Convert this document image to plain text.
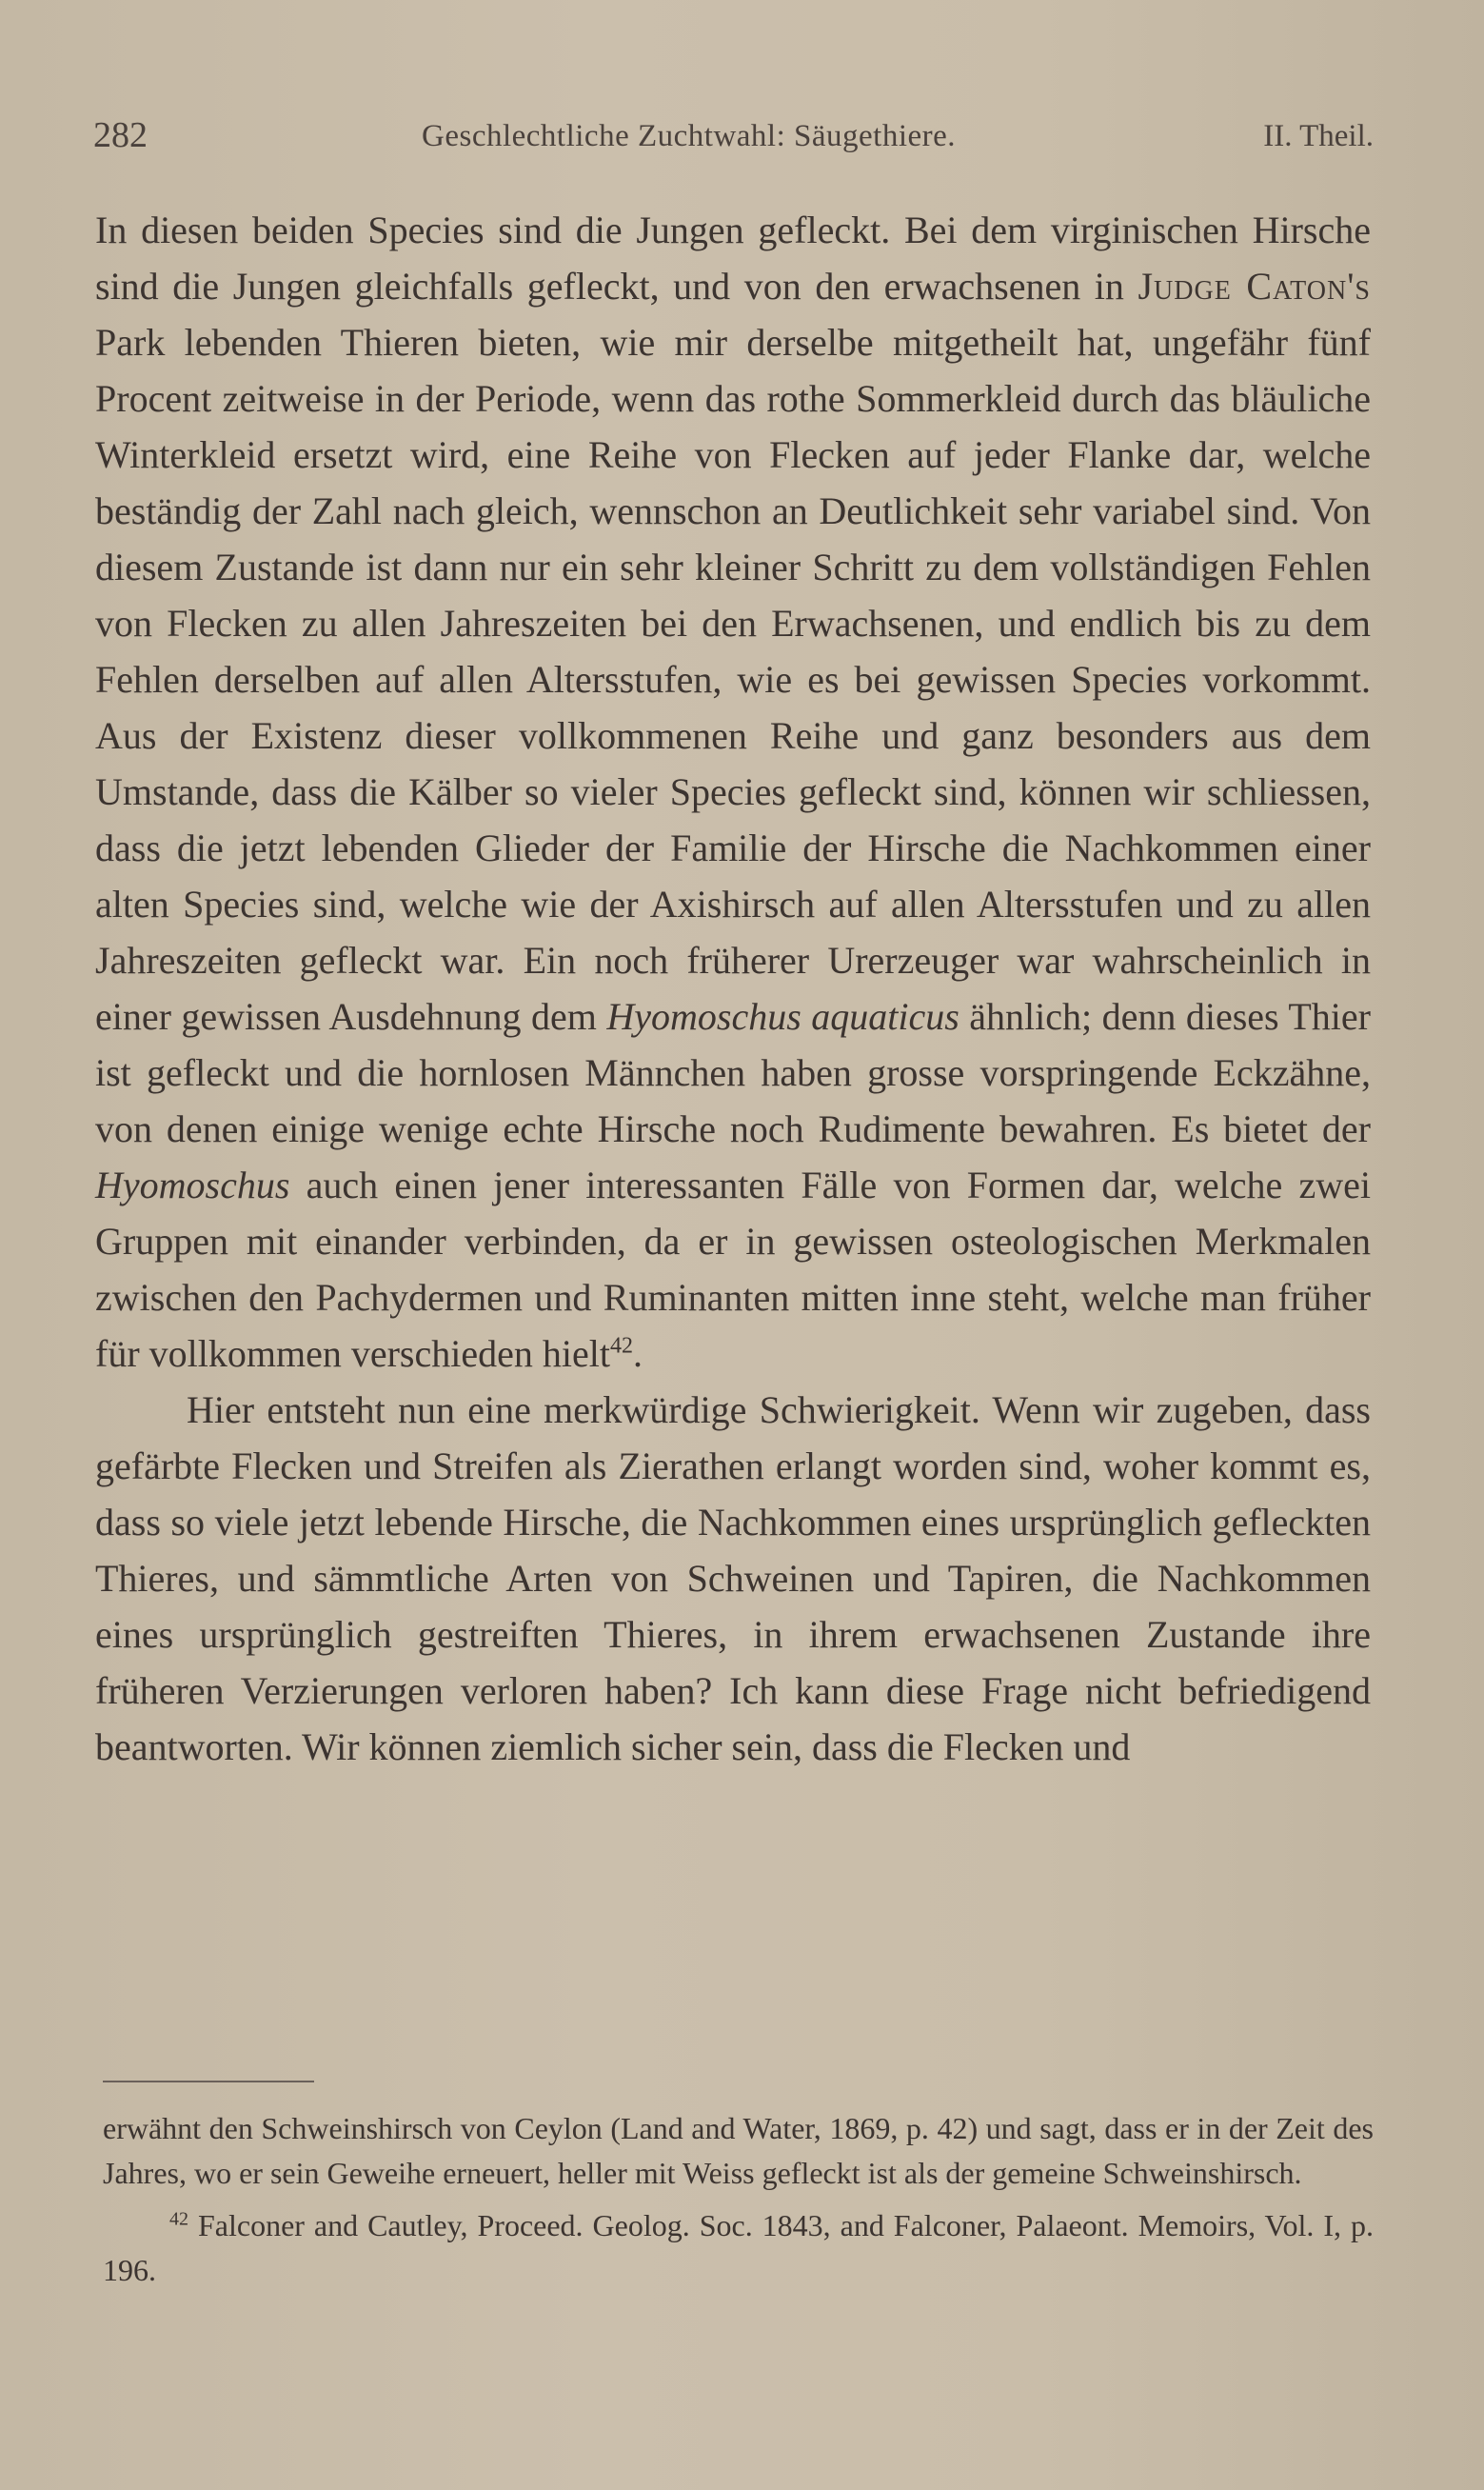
282	Geschlechtliche Zuchtwahl: Säugethiere.	II. Theil.

In diesen beiden Species sind die Jungen gefleckt. Bei dem virginischen Hirsche sind die Jungen gleichfalls gefleckt, und von den erwachsenen in Judge Caton's Park lebenden Thieren bieten, wie mir derselbe mitgetheilt hat, ungefähr fünf Procent zeitweise in der Periode, wenn das rothe Sommerkleid durch das bläuliche Winterkleid ersetzt wird, eine Reihe von Flecken auf jeder Flanke dar, welche beständig der Zahl nach gleich, wennschon an Deutlichkeit sehr variabel sind. Von diesem Zustande ist dann nur ein sehr kleiner Schritt zu dem vollständigen Fehlen von Flecken zu allen Jahreszeiten bei den Erwachsenen, und endlich bis zu dem Fehlen derselben auf allen Altersstufen, wie es bei gewissen Species vorkommt. Aus der Existenz dieser vollkommenen Reihe und ganz besonders aus dem Umstande, dass die Kälber so vieler Species gefleckt sind, können wir schliessen, dass die jetzt lebenden Glieder der Familie der Hirsche die Nachkommen einer alten Species sind, welche wie der Axishirsch auf allen Altersstufen und zu allen Jahreszeiten gefleckt war. Ein noch früherer Urerzeuger war wahrscheinlich in einer gewissen Ausdehnung dem Hyomoschus aquaticus ähnlich; denn dieses Thier ist gefleckt und die hornlosen Männchen haben grosse vorspringende Eckzähne, von denen einige wenige echte Hirsche noch Rudimente bewahren. Es bietet der Hyomoschus auch einen jener interessanten Fälle von Formen dar, welche zwei Gruppen mit einander verbinden, da er in gewissen osteologischen Merkmalen zwischen den Pachydermen und Ruminanten mitten inne steht, welche man früher für vollkommen verschieden hielt$^{42}$.

Hier entsteht nun eine merkwürdige Schwierigkeit. Wenn wir zugeben, dass gefärbte Flecken und Streifen als Zierathen erlangt worden sind, woher kommt es, dass so viele jetzt lebende Hirsche, die Nachkommen eines ursprünglich gefleckten Thieres, und sämmtliche Arten von Schweinen und Tapiren, die Nachkommen eines ursprünglich gestreiften Thieres, in ihrem erwachsenen Zustande ihre früheren Verzierungen verloren haben? Ich kann diese Frage nicht befriedigend beantworten. Wir können ziemlich sicher sein, dass die Flecken und

erwähnt den Schweinshirsch von Ceylon (Land and Water, 1869, p. 42) und sagt, dass er in der Zeit des Jahres, wo er sein Geweihe erneuert, heller mit Weiss gefleckt ist als der gemeine Schweinshirsch.

$^{42}$ Falconer and Cautley, Proceed. Geolog. Soc. 1843, and Falconer, Palaeont. Memoirs, Vol. I, p. 196.
